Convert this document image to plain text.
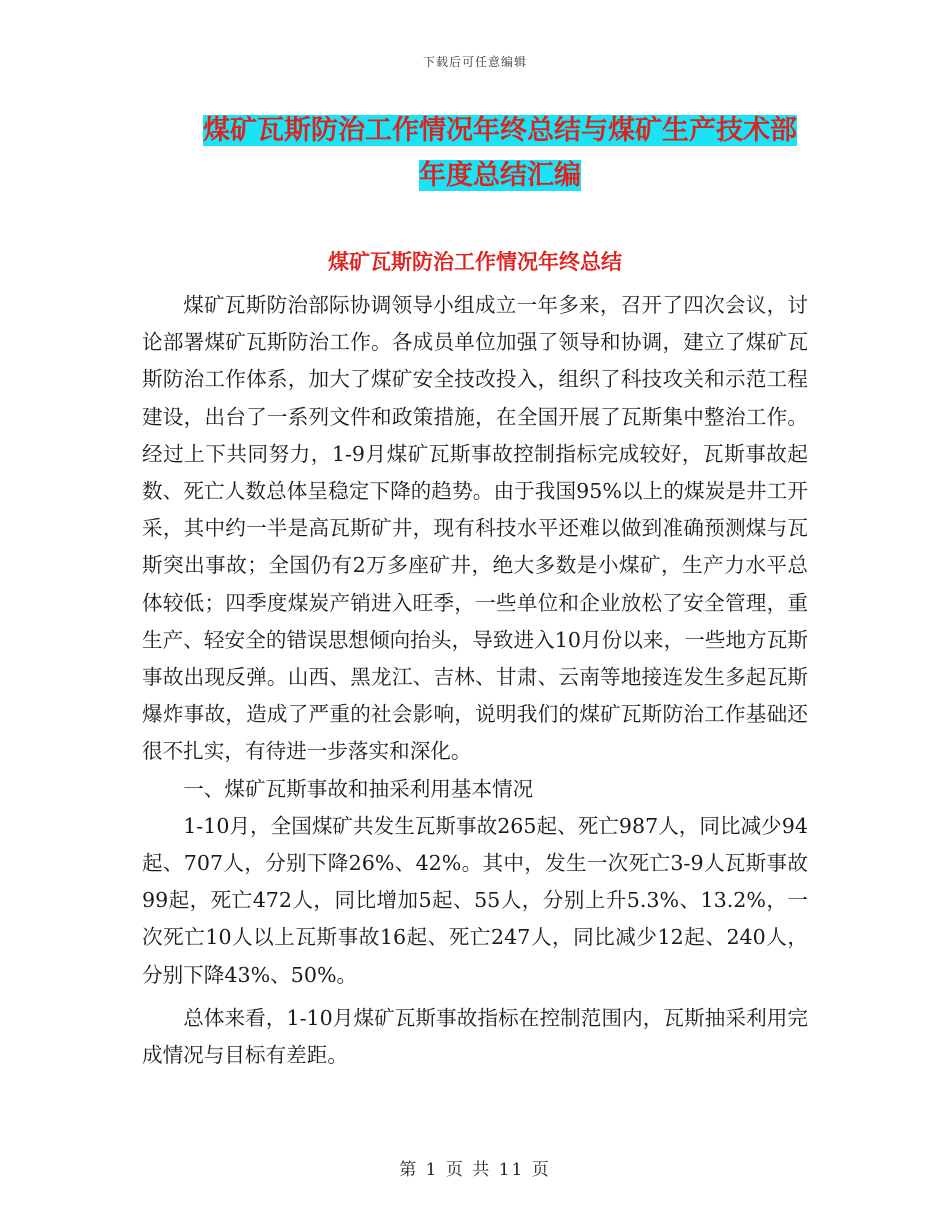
下载后可任意编辑
煤矿瓦斯防治工作情况年终总结与煤矿生产技术部年度总结汇编
煤矿瓦斯防治工作情况年终总结

煤矿瓦斯防治部际协调领导小组成立一年多来，召开了四次会议，讨论部署煤矿瓦斯防治工作。各成员单位加强了领导和协调，建立了煤矿瓦斯防治工作体系，加大了煤矿安全技改投入，组织了科技攻关和示范工程建设，出台了一系列文件和政策措施，在全国开展了瓦斯集中整治工作。经过上下共同努力，1-9月煤矿瓦斯事故控制指标完成较好，瓦斯事故起数、死亡人数总体呈稳定下降的趋势。由于我国95%以上的煤炭是井工开采，其中约一半是高瓦斯矿井，现有科技水平还难以做到准确预测煤与瓦斯突出事故；全国仍有2万多座矿井，绝大多数是小煤矿，生产力水平总体较低；四季度煤炭产销进入旺季，一些单位和企业放松了安全管理，重生产、轻安全的错误思想倾向抬头，导致进入10月份以来，一些地方瓦斯事故出现反弹。山西、黑龙江、吉林、甘肃、云南等地接连发生多起瓦斯爆炸事故，造成了严重的社会影响，说明我们的煤矿瓦斯防治工作基础还很不扎实，有待进一步落实和深化。

一、煤矿瓦斯事故和抽采利用基本情况

1-10月，全国煤矿共发生瓦斯事故265起、死亡987人，同比减少94起、707人，分别下降26%、42%。其中，发生一次死亡3-9人瓦斯事故99起，死亡472人，同比增加5起、55人，分别上升5.3%、13.2%，一次死亡10人以上瓦斯事故16起、死亡247人，同比减少12起、240人，分别下降43%、50%。

总体来看，1-10月煤矿瓦斯事故指标在控制范围内，瓦斯抽采利用完成情况与目标有差距。

第 1 页 共 11 页
